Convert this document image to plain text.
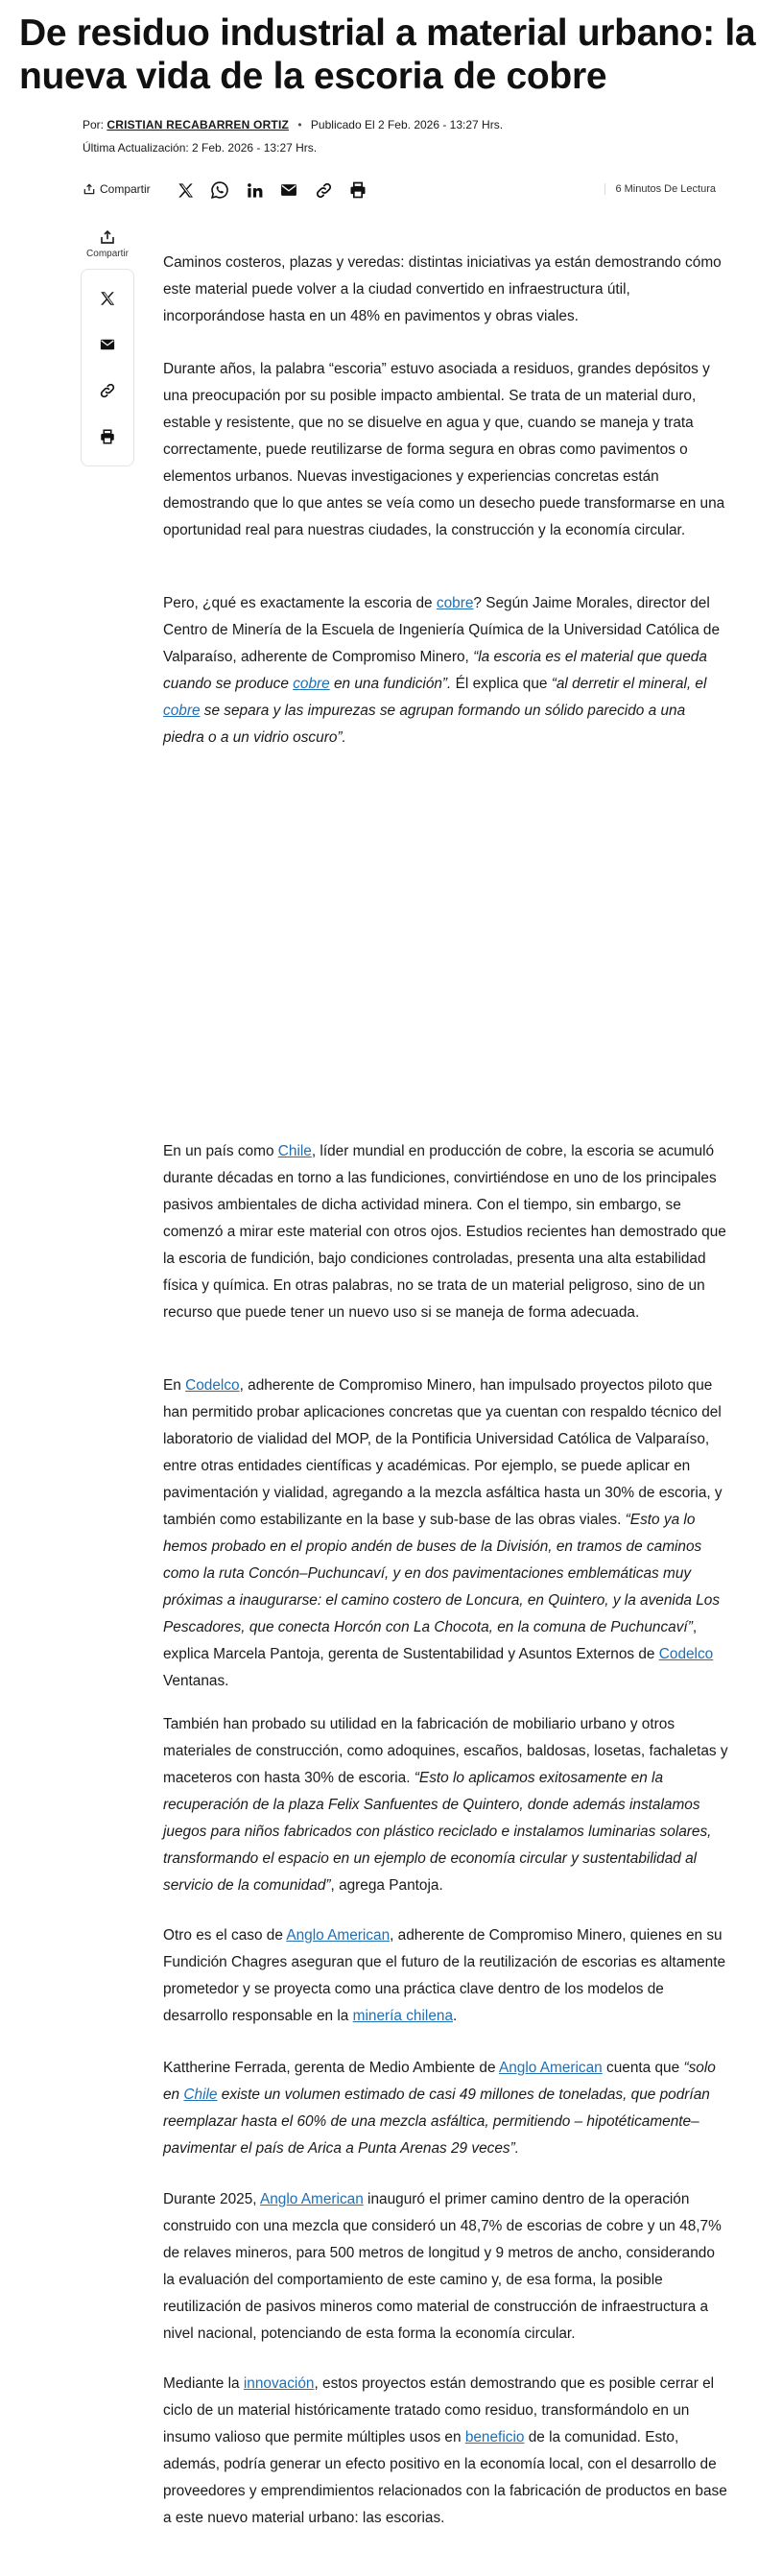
De residuo industrial a material urbano: la nueva vida de la escoria de cobre
Por: CRISTIAN RECABARREN ORTIZ • Publicado El 2 Feb. 2026 - 13:27 Hrs.
Última Actualización: 2 Feb. 2026 - 13:27 Hrs.
Compartir	6 Minutos De Lectura
Compartir

Caminos costeros, plazas y veredas: distintas iniciativas ya están demostrando cómo este material puede volver a la ciudad convertido en infraestructura útil, incorporándose hasta en un 48% en pavimentos y obras viales.

Durante años, la palabra “escoria” estuvo asociada a residuos, grandes depósitos y una preocupación por su posible impacto ambiental. Se trata de un material duro, estable y resistente, que no se disuelve en agua y que, cuando se maneja y trata correctamente, puede reutilizarse de forma segura en obras como pavimentos o elementos urbanos. Nuevas investigaciones y experiencias concretas están demostrando que lo que antes se veía como un desecho puede transformarse en una oportunidad real para nuestras ciudades, la construcción y la economía circular.

Pero, ¿qué es exactamente la escoria de cobre? Según Jaime Morales, director del Centro de Minería de la Escuela de Ingeniería Química de la Universidad Católica de Valparaíso, adherente de Compromiso Minero, “la escoria es el material que queda cuando se produce cobre en una fundición”. Él explica que “al derretir el mineral, el cobre se separa y las impurezas se agrupan formando un sólido parecido a una piedra o a un vidrio oscuro”.

En un país como Chile, líder mundial en producción de cobre, la escoria se acumuló durante décadas en torno a las fundiciones, convirtiéndose en uno de los principales pasivos ambientales de dicha actividad minera. Con el tiempo, sin embargo, se comenzó a mirar este material con otros ojos. Estudios recientes han demostrado que la escoria de fundición, bajo condiciones controladas, presenta una alta estabilidad física y química. En otras palabras, no se trata de un material peligroso, sino de un recurso que puede tener un nuevo uso si se maneja de forma adecuada.

En Codelco, adherente de Compromiso Minero, han impulsado proyectos piloto que han permitido probar aplicaciones concretas que ya cuentan con respaldo técnico del laboratorio de vialidad del MOP, de la Pontificia Universidad Católica de Valparaíso, entre otras entidades científicas y académicas. Por ejemplo, se puede aplicar en pavimentación y vialidad, agregando a la mezcla asfáltica hasta un 30% de escoria, y también como estabilizante en la base y sub-base de las obras viales. “Esto ya lo hemos probado en el propio andén de buses de la División, en tramos de caminos como la ruta Concón–Puchuncaví, y en dos pavimentaciones emblemáticas muy próximas a inaugurarse: el camino costero de Loncura, en Quintero, y la avenida Los Pescadores, que conecta Horcón con La Chocota, en la comuna de Puchuncaví”, explica Marcela Pantoja, gerenta de Sustentabilidad y Asuntos Externos de Codelco Ventanas.

También han probado su utilidad en la fabricación de mobiliario urbano y otros materiales de construcción, como adoquines, escaños, baldosas, losetas, fachaletas y maceteros con hasta 30% de escoria. “Esto lo aplicamos exitosamente en la recuperación de la plaza Felix Sanfuentes de Quintero, donde además instalamos juegos para niños fabricados con plástico reciclado e instalamos luminarias solares, transformando el espacio en un ejemplo de economía circular y sustentabilidad al servicio de la comunidad”, agrega Pantoja.

Otro es el caso de Anglo American, adherente de Compromiso Minero, quienes en su Fundición Chagres aseguran que el futuro de la reutilización de escorias es altamente prometedor y se proyecta como una práctica clave dentro de los modelos de desarrollo responsable en la minería chilena.

Kattherine Ferrada, gerenta de Medio Ambiente de Anglo American cuenta que “solo en Chile existe un volumen estimado de casi 49 millones de toneladas, que podrían reemplazar hasta el 60% de una mezcla asfáltica, permitiendo – hipotéticamente– pavimentar el país de Arica a Punta Arenas 29 veces”.

Durante 2025, Anglo American inauguró el primer camino dentro de la operación construido con una mezcla que consideró un 48,7% de escorias de cobre y un 48,7% de relaves mineros, para 500 metros de longitud y 9 metros de ancho, considerando la evaluación del comportamiento de este camino y, de esa forma, la posible reutilización de pasivos mineros como material de construcción de infraestructura a nivel nacional, potenciando de esta forma la economía circular.

Mediante la innovación, estos proyectos están demostrando que es posible cerrar el ciclo de un material históricamente tratado como residuo, transformándolo en un insumo valioso que permite múltiples usos en beneficio de la comunidad. Esto, además, podría generar un efecto positivo en la economía local, con el desarrollo de proveedores y emprendimientos relacionados con la fabricación de productos en base a este nuevo material urbano: las escorias.
